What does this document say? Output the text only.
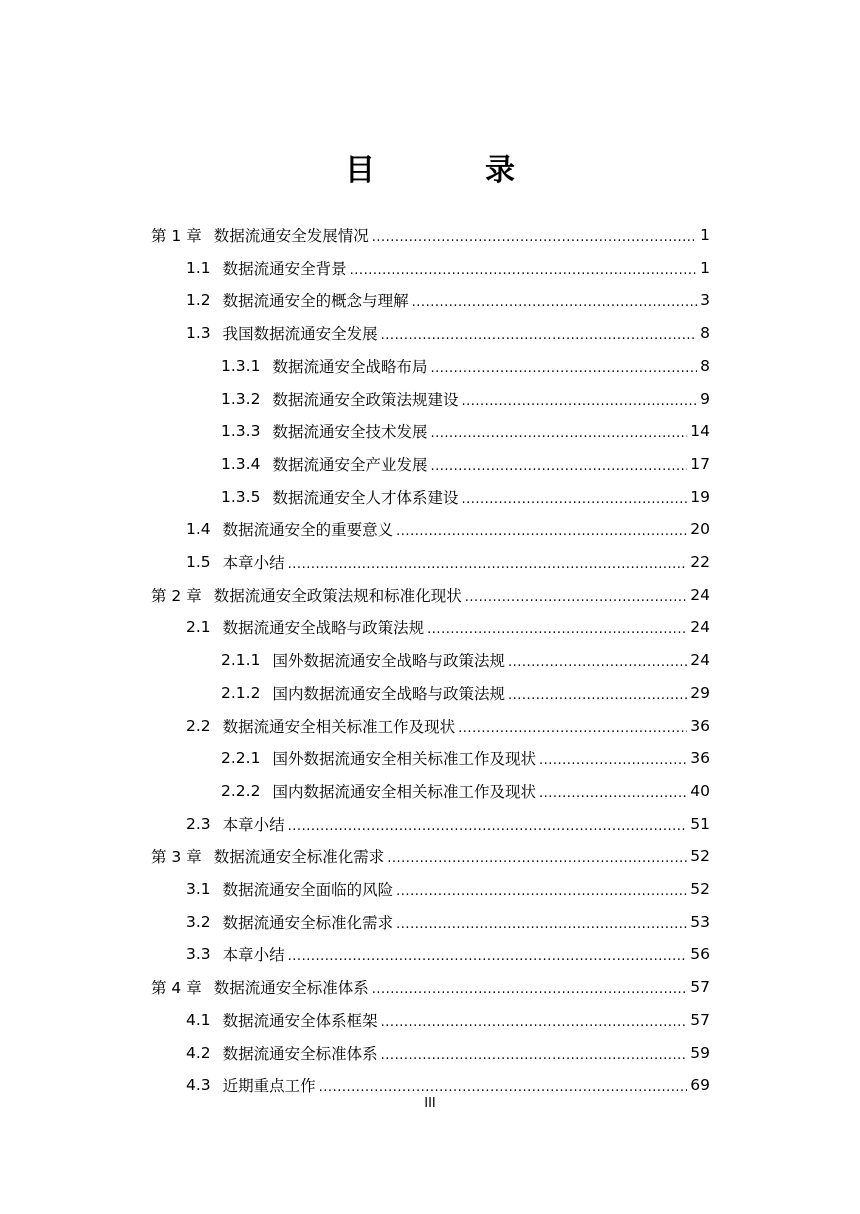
目　录
第 1 章 数据流通安全发展情况 .....	1
1.1 数据流通安全背景 .....	1
1.2 数据流通安全的概念与理解 .....	3
1.3 我国数据流通安全发展 .....	8
1.3.1 数据流通安全战略布局 .....	8
1.3.2 数据流通安全政策法规建设 .....	9
1.3.3 数据流通安全技术发展 .....	14
1.3.4 数据流通安全产业发展 .....	17
1.3.5 数据流通安全人才体系建设 .....	19
1.4 数据流通安全的重要意义 .....	20
1.5 本章小结 .....	22
第 2 章 数据流通安全政策法规和标准化现状 .....	24
2.1 数据流通安全战略与政策法规 .....	24
2.1.1 国外数据流通安全战略与政策法规 .....	24
2.1.2 国内数据流通安全战略与政策法规 .....	29
2.2 数据流通安全相关标准工作及现状 .....	36
2.2.1 国外数据流通安全相关标准工作及现状 .....	36
2.2.2 国内数据流通安全相关标准工作及现状 .....	40
2.3 本章小结 .....	51
第 3 章 数据流通安全标准化需求 .....	52
3.1 数据流通安全面临的风险 .....	52
3.2 数据流通安全标准化需求 .....	53
3.3 本章小结 .....	56
第 4 章 数据流通安全标准体系 .....	57
4.1 数据流通安全体系框架 .....	57
4.2 数据流通安全标准体系 .....	59
4.3 近期重点工作 .....	69
III
